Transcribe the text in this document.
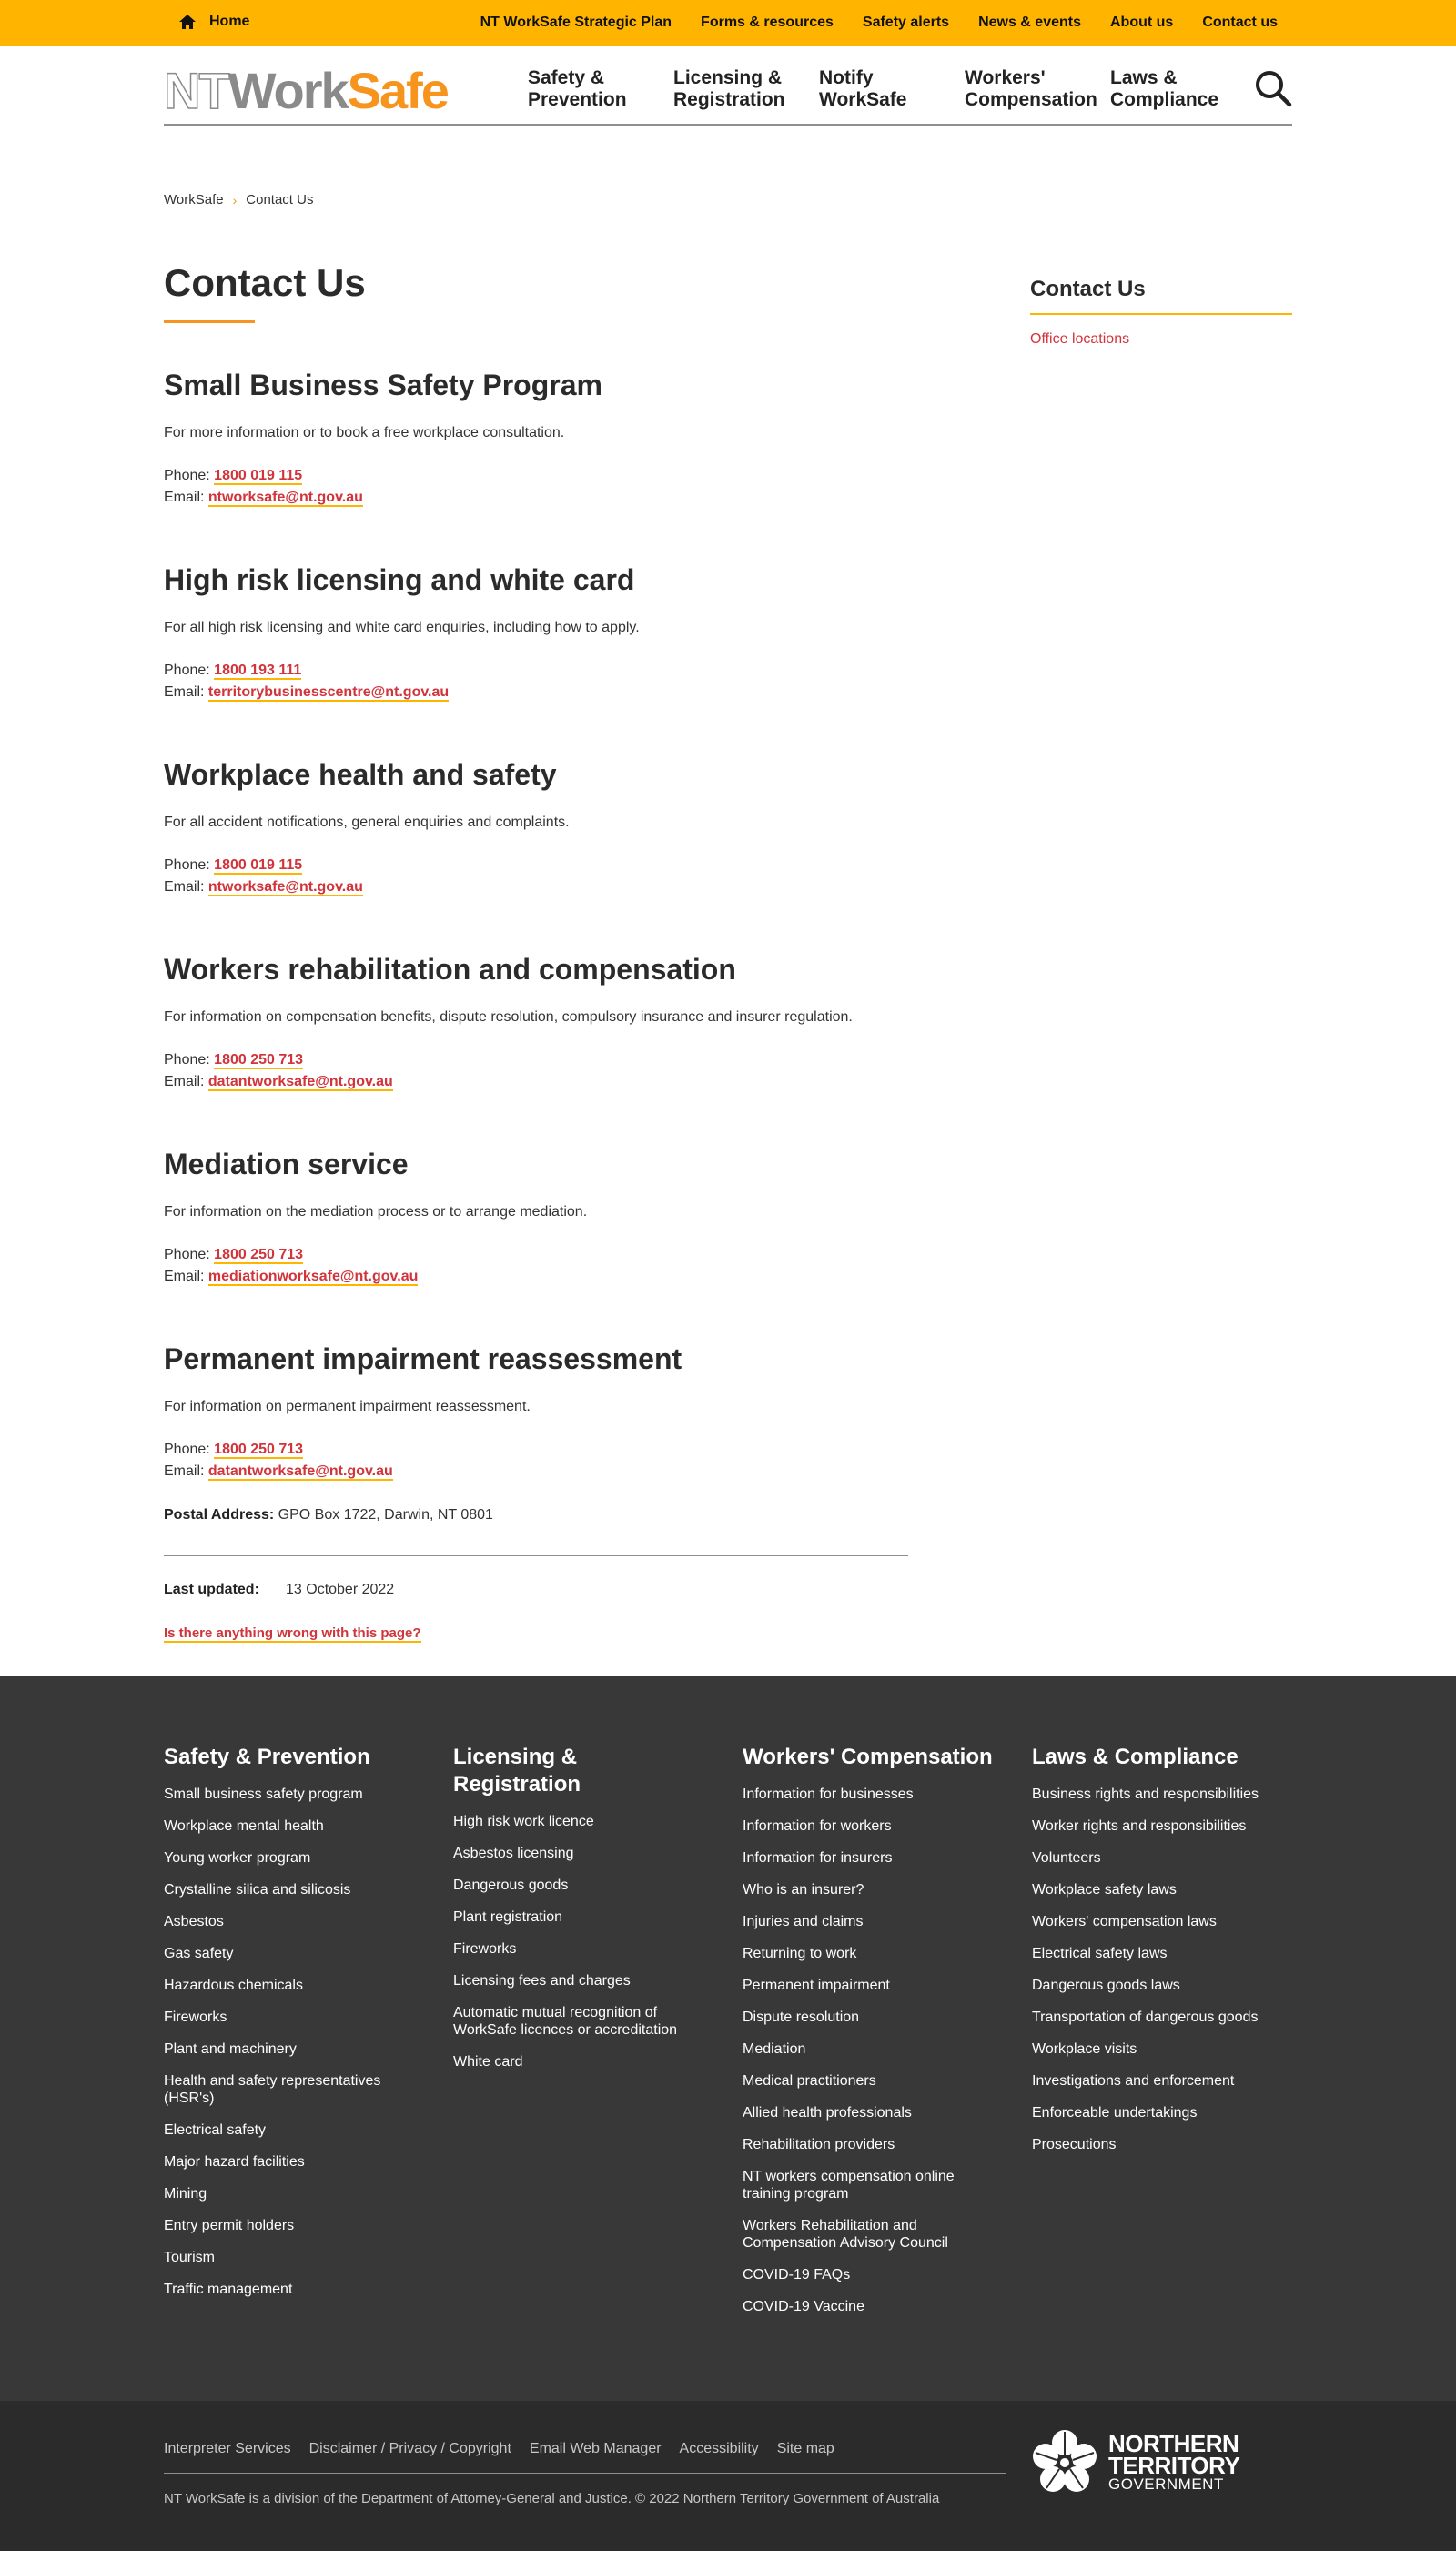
Home	NT WorkSafe Strategic Plan Forms & resources Safety alerts News & events About us Contact us
NT Work Safe	Safety & Prevention
Licensing & Registration
Notify WorkSafe
Workers' Compensation
Laws & Compliance
WorkSafe › Contact Us
Contact Us
Small Business Safety Program

For more information or to book a free workplace consultation.

Phone: 1800 019 115
Email: ntworksafe@nt.gov.au
High risk licensing and white card

For all high risk licensing and white card enquiries, including how to apply.

Phone: 1800 193 111
Email: territorybusinesscentre@nt.gov.au
Workplace health and safety

For all accident notifications, general enquiries and complaints.

Phone: 1800 019 115
Email: ntworksafe@nt.gov.au
Workers rehabilitation and compensation

For information on compensation benefits, dispute resolution, compulsory insurance and insurer regulation.

Phone: 1800 250 713
Email: datantworksafe@nt.gov.au
Mediation service

For information on the mediation process or to arrange mediation.

Phone: 1800 250 713
Email: mediationworksafe@nt.gov.au
Permanent impairment reassessment

For information on permanent impairment reassessment.

Phone: 1800 250 713
Email: datantworksafe@nt.gov.au
Postal Address: GPO Box 1722, Darwin, NT 0801
Last updated:	13 October 2022
Is there anything wrong with this page?
Contact Us
Office locations
Safety & Prevention
Small business safety program
Workplace mental health
Young worker program
Crystalline silica and silicosis
Asbestos
Gas safety
Hazardous chemicals
Fireworks
Plant and machinery
Health and safety representatives (HSR's)
Electrical safety
Major hazard facilities
Mining
Entry permit holders
Tourism
Traffic management
Licensing & Registration
High risk work licence
Asbestos licensing
Dangerous goods
Plant registration
Fireworks
Licensing fees and charges
Automatic mutual recognition of WorkSafe licences or accreditation
White card
Workers' Compensation
Information for businesses
Information for workers
Information for insurers
Who is an insurer?
Injuries and claims
Returning to work
Permanent impairment
Dispute resolution
Mediation
Medical practitioners
Allied health professionals
Rehabilitation providers
NT workers compensation online training program
Workers Rehabilitation and Compensation Advisory Council
COVID-19 FAQs
COVID-19 Vaccine
Laws & Compliance
Business rights and responsibilities
Worker rights and responsibilities
Volunteers
Workplace safety laws
Workers' compensation laws
Electrical safety laws
Dangerous goods laws
Transportation of dangerous goods
Workplace visits
Investigations and enforcement
Enforceable undertakings
Prosecutions
Interpreter Services Disclaimer / Privacy / Copyright Email Web Manager Accessibility Site map
NT WorkSafe is a division of the Department of Attorney-General and Justice. © 2022 Northern Territory Government of Australia
NORTHERN
TERRITORY
GOVERNMENT
